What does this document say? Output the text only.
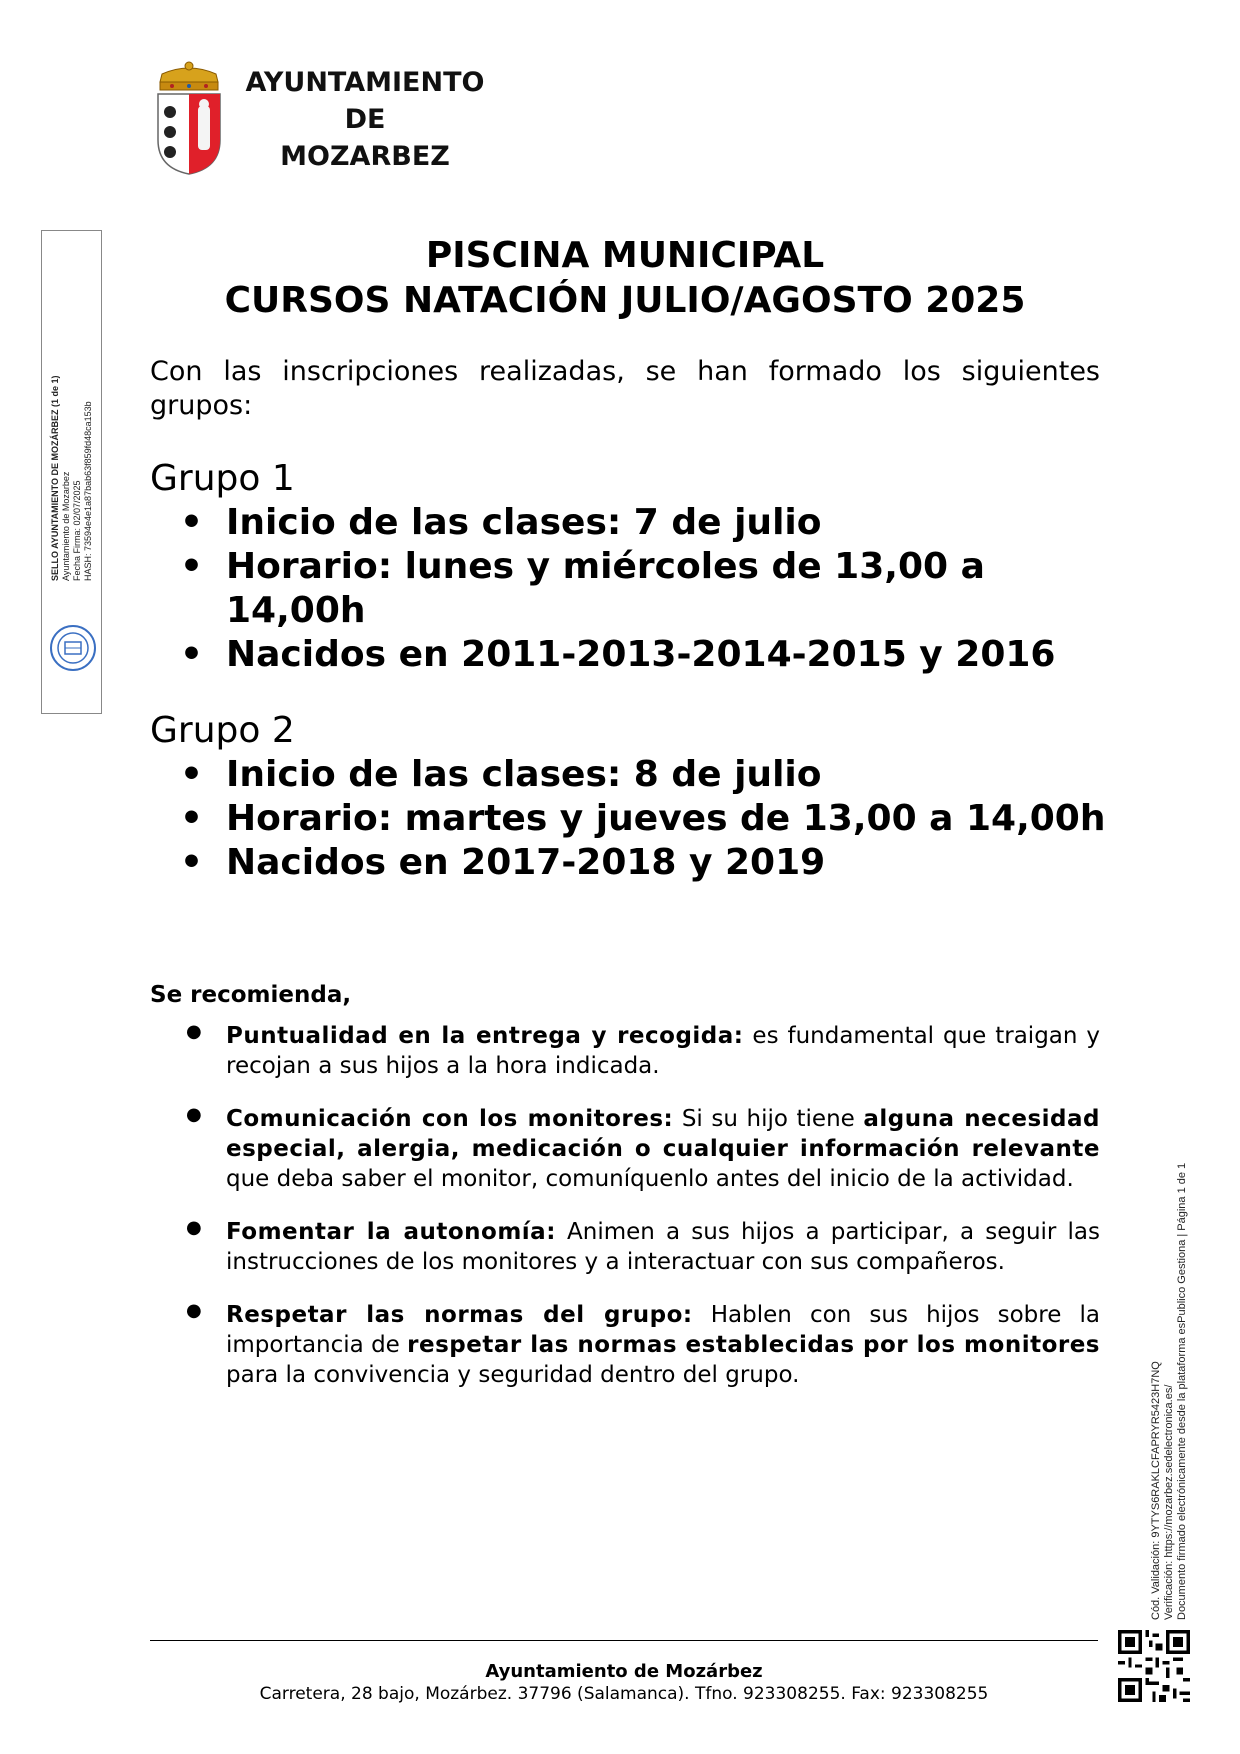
AYUNTAMIENTO
DE
MOZARBEZ
SELLO AYUNTAMIENTO DE MOZÁRBEZ (1 de 1) Ayuntamiento de Mozarbez Fecha Firma: 02/07/2025 HASH: 73594e4e1a87bab63f859fd48ca153b
PISCINA MUNICIPAL
CURSOS NATACIÓN JULIO/AGOSTO 2025
Con las inscripciones realizadas, se han formado los siguientes grupos:
Grupo 1
• Inicio de las clases: 7 de julio
• Horario: lunes y miércoles de 13,00 a 14,00h
• Nacidos en 2011-2013-2014-2015 y 2016
Grupo 2
• Inicio de las clases: 8 de julio
• Horario: martes y jueves de 13,00 a 14,00h
• Nacidos en 2017-2018 y 2019
Se recomienda,
● Puntualidad en la entrega y recogida: es fundamental que traigan y recojan a sus hijos a la hora indicada.
● Comunicación con los monitores: Si su hijo tiene alguna necesidad especial, alergia, medicación o cualquier información relevante que deba saber el monitor, comuníquenlo antes del inicio de la actividad.
● Fomentar la autonomía: Animen a sus hijos a participar, a seguir las instrucciones de los monitores y a interactuar con sus compañeros.
● Respetar las normas del grupo: Hablen con sus hijos sobre la importancia de respetar las normas establecidas por los monitores para la convivencia y seguridad dentro del grupo.	Cód. Validación: 9YTYS6RAKLCFAPRYR5423H7NQ Verificación: https://mozarbez.sedelectronica.es/ Documento firmado electrónicamente desde la plataforma esPublico Gestiona | Página 1 de 1
Ayuntamiento de Mozárbez
Carretera, 28 bajo, Mozárbez. 37796 (Salamanca). Tfno. 923308255. Fax: 923308255
